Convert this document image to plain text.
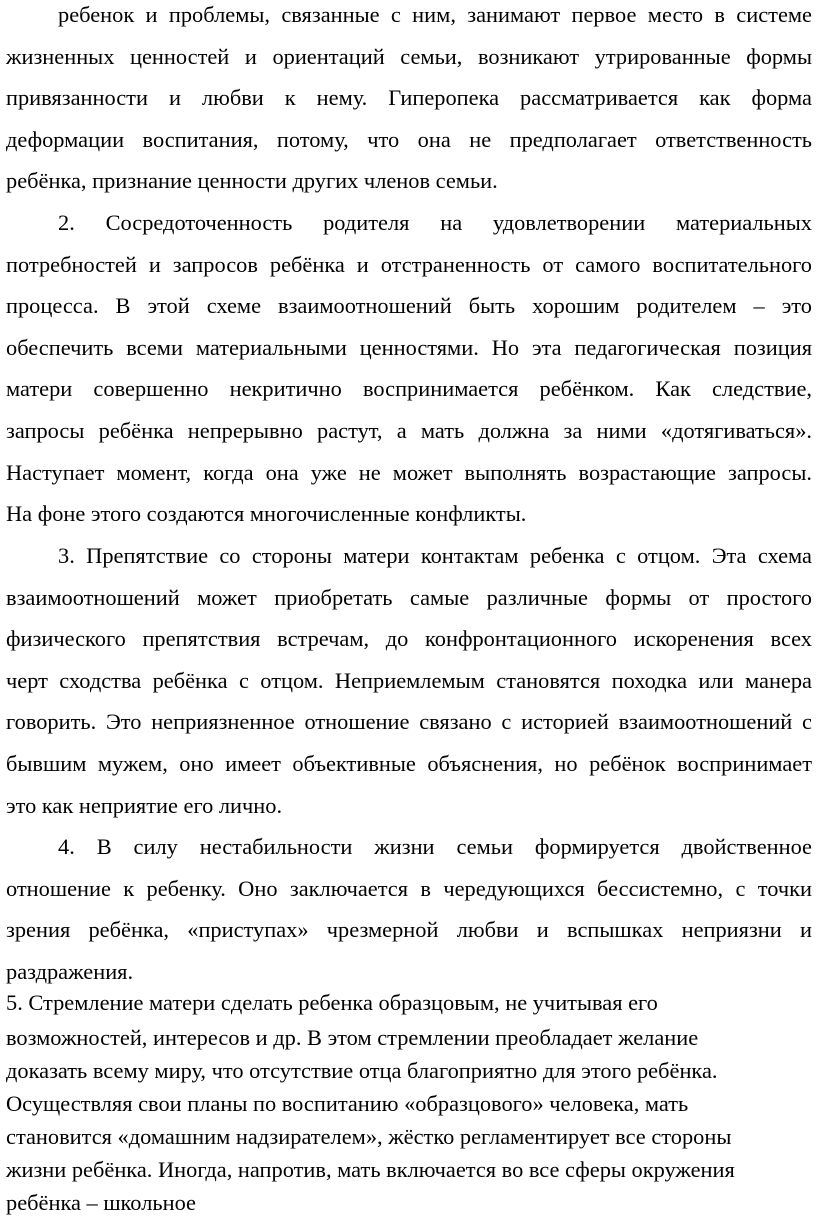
ребенок и проблемы, связанные с ним, занимают первое место в системе
жизненных ценностей и ориентаций семьи, возникают утрированные формы
привязанности и любви к нему. Гиперопека рассматривается как форма
деформации воспитания, потому, что она не предполагает ответственность
ребёнка, признание ценности других членов семьи.
2. Сосредоточенность родителя на удовлетворении материальных
потребностей и запросов ребёнка и отстраненность от самого воспитательного
процесса. В этой схеме взаимоотношений быть хорошим родителем – это
обеспечить всеми материальными ценностями. Но эта педагогическая позиция
матери совершенно некритично воспринимается ребёнком. Как следствие,
запросы ребёнка непрерывно растут, а мать должна за ними «дотягиваться».
Наступает момент, когда она уже не может выполнять возрастающие запросы.
На фоне этого создаются многочисленные конфликты.
3. Препятствие со стороны матери контактам ребенка с отцом. Эта схема
взаимоотношений может приобретать самые различные формы от простого
физического препятствия встречам, до конфронтационного искоренения всех
черт сходства ребёнка с отцом. Неприемлемым становятся походка или манера
говорить. Это неприязненное отношение связано с историей взаимоотношений с
бывшим мужем, оно имеет объективные объяснения, но ребёнок воспринимает
это как неприятие его лично.
4. В силу нестабильности жизни семьи формируется двойственное
отношение к ребенку. Оно заключается в чередующихся бессистемно, с точки
зрения ребёнка, «приступах» чрезмерной любви и вспышках неприязни и
раздражения.
5. Стремление матери сделать ребенка образцовым, не учитывая его
возможностей, интересов и др. В этом стремлении преобладает желание
доказать всему миру, что отсутствие отца благоприятно для этого ребёнка.
Осуществляя свои планы по воспитанию «образцового» человека, мать
становится «домашним надзирателем», жёстко регламентирует все стороны
жизни ребёнка. Иногда, напротив, мать включается во все сферы окружения
ребёнка – школьное
